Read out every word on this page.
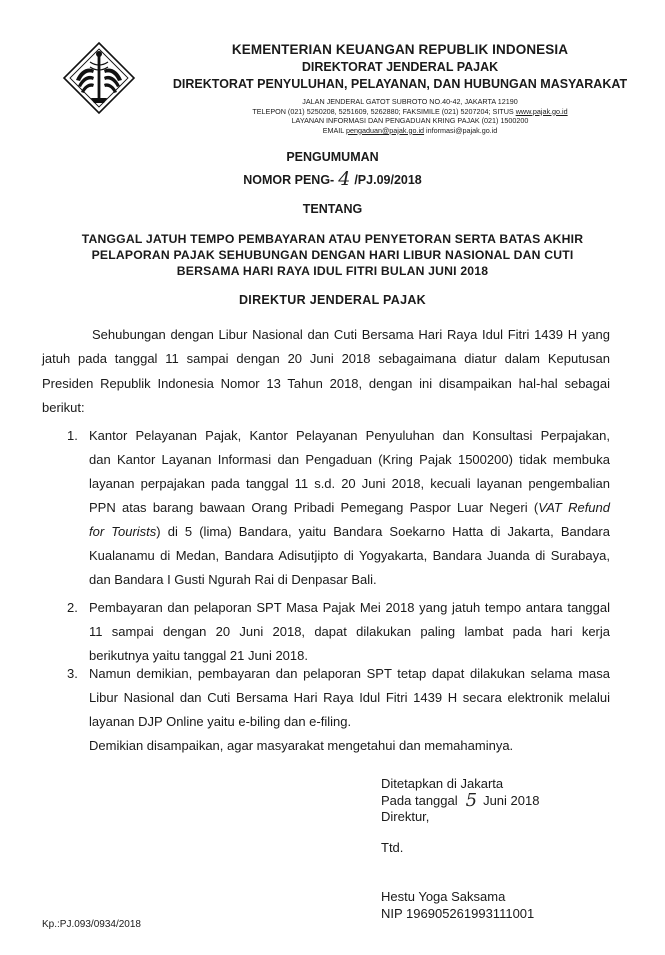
KEMENTERIAN KEUANGAN REPUBLIK INDONESIA
DIREKTORAT JENDERAL PAJAK
DIREKTORAT PENYULUHAN, PELAYANAN, DAN HUBUNGAN MASYARAKAT
JALAN JENDERAL GATOT SUBROTO NO.40-42, JAKARTA 12190
TELEPON (021) 5250208, 5251609, 5262880; FAKSIMILE (021) 5207204; SITUS www.pajak.go.id
LAYANAN INFORMASI DAN PENGADUAN KRING PAJAK (021) 1500200
EMAIL pengaduan@pajak.go.id informasi@pajak.go.id
PENGUMUMAN
NOMOR PENG- 4 /PJ.09/2018
TENTANG
TANGGAL JATUH TEMPO PEMBAYARAN ATAU PENYETORAN SERTA BATAS AKHIR
PELAPORAN PAJAK SEHUBUNGAN DENGAN HARI LIBUR NASIONAL DAN CUTI
BERSAMA HARI RAYA IDUL FITRI BULAN JUNI 2018
DIREKTUR JENDERAL PAJAK
Sehubungan dengan Libur Nasional dan Cuti Bersama Hari Raya Idul Fitri 1439 H yang
jatuh pada tanggal 11 sampai dengan 20 Juni 2018 sebagaimana diatur dalam Keputusan
Presiden Republik Indonesia Nomor 13 Tahun 2018, dengan ini disampaikan hal-hal sebagai
berikut:
1. Kantor Pelayanan Pajak, Kantor Pelayanan Penyuluhan dan Konsultasi Perpajakan,
dan Kantor Layanan Informasi dan Pengaduan (Kring Pajak 1500200) tidak membuka
layanan perpajakan pada tanggal 11 s.d. 20 Juni 2018, kecuali layanan pengembalian
PPN atas barang bawaan Orang Pribadi Pemegang Paspor Luar Negeri (VAT Refund
for Tourists) di 5 (lima) Bandara, yaitu Bandara Soekarno Hatta di Jakarta, Bandara
Kualanamu di Medan, Bandara Adisutjipto di Yogyakarta, Bandara Juanda di Surabaya,
dan Bandara I Gusti Ngurah Rai di Denpasar Bali.
2. Pembayaran dan pelaporan SPT Masa Pajak Mei 2018 yang jatuh tempo antara tanggal
11 sampai dengan 20 Juni 2018, dapat dilakukan paling lambat pada hari kerja
berikutnya yaitu tanggal 21 Juni 2018.
3. Namun demikian, pembayaran dan pelaporan SPT tetap dapat dilakukan selama masa
Libur Nasional dan Cuti Bersama Hari Raya Idul Fitri 1439 H secara elektronik melalui
layanan DJP Online yaitu e-biling dan e-filing.
Demikian disampaikan, agar masyarakat mengetahui dan memahaminya.
Ditetapkan di Jakarta
Pada tanggal 5 Juni 2018
Direktur,
Ttd.
Hestu Yoga Saksama
NIP 196905261993111001
Kp.:PJ.093/0934/2018
